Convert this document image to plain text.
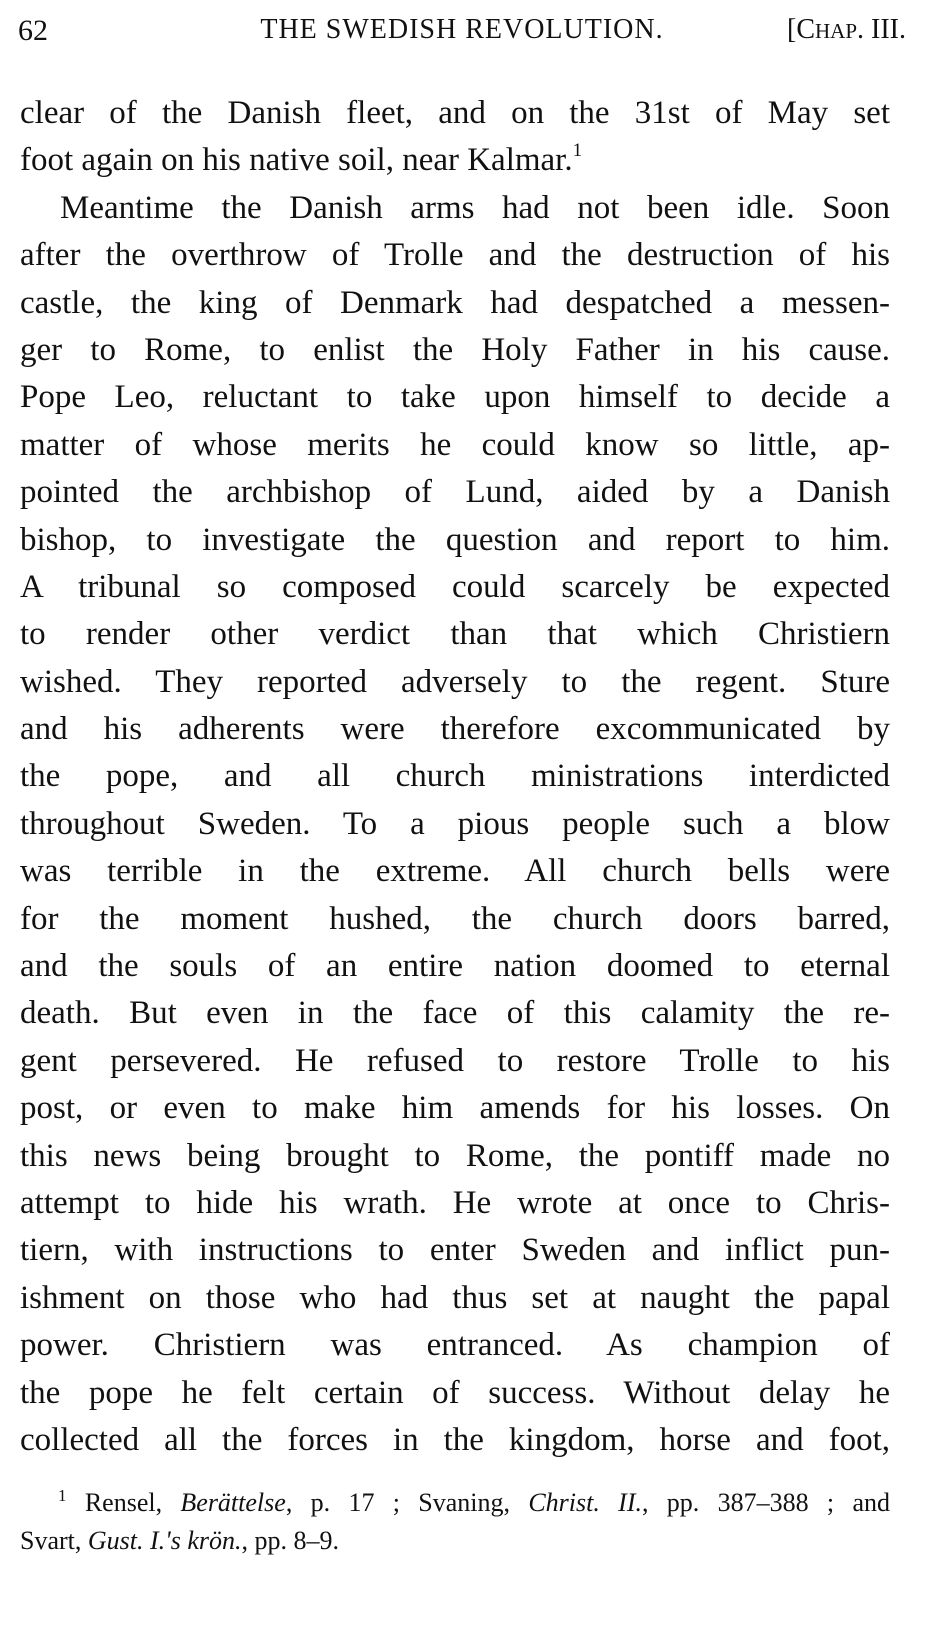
62	THE SWEDISH REVOLUTION.	[CHAP. III.
clear of the Danish fleet, and on the 31st of May set
foot again on his native soil, near Kalmar.$^1$
Meantime the Danish arms had not been idle. Soon
after the overthrow of Trolle and the destruction of his
castle, the king of Denmark had despatched a messen-
ger to Rome, to enlist the Holy Father in his cause.
Pope Leo, reluctant to take upon himself to decide a
matter of whose merits he could know so little, ap-
pointed the archbishop of Lund, aided by a Danish
bishop, to investigate the question and report to him.
A tribunal so composed could scarcely be expected
to render other verdict than that which Christiern
wished. They reported adversely to the regent. Sture
and his adherents were therefore excommunicated by
the pope, and all church ministrations interdicted
throughout Sweden. To a pious people such a blow
was terrible in the extreme. All church bells were
for the moment hushed, the church doors barred,
and the souls of an entire nation doomed to eternal
death. But even in the face of this calamity the re-
gent persevered. He refused to restore Trolle to his
post, or even to make him amends for his losses. On
this news being brought to Rome, the pontiff made no
attempt to hide his wrath. He wrote at once to Chris-
tiern, with instructions to enter Sweden and inflict pun-
ishment on those who had thus set at naught the papal
power. Christiern was entranced. As champion of
the pope he felt certain of success. Without delay he
collected all the forces in the kingdom, horse and foot,
$^1$ Rensel, Berättelse, p. 17 ; Svaning, Christ. II., pp. 387–388 ; and
Svart, Gust. I.'s krön., pp. 8–9.
